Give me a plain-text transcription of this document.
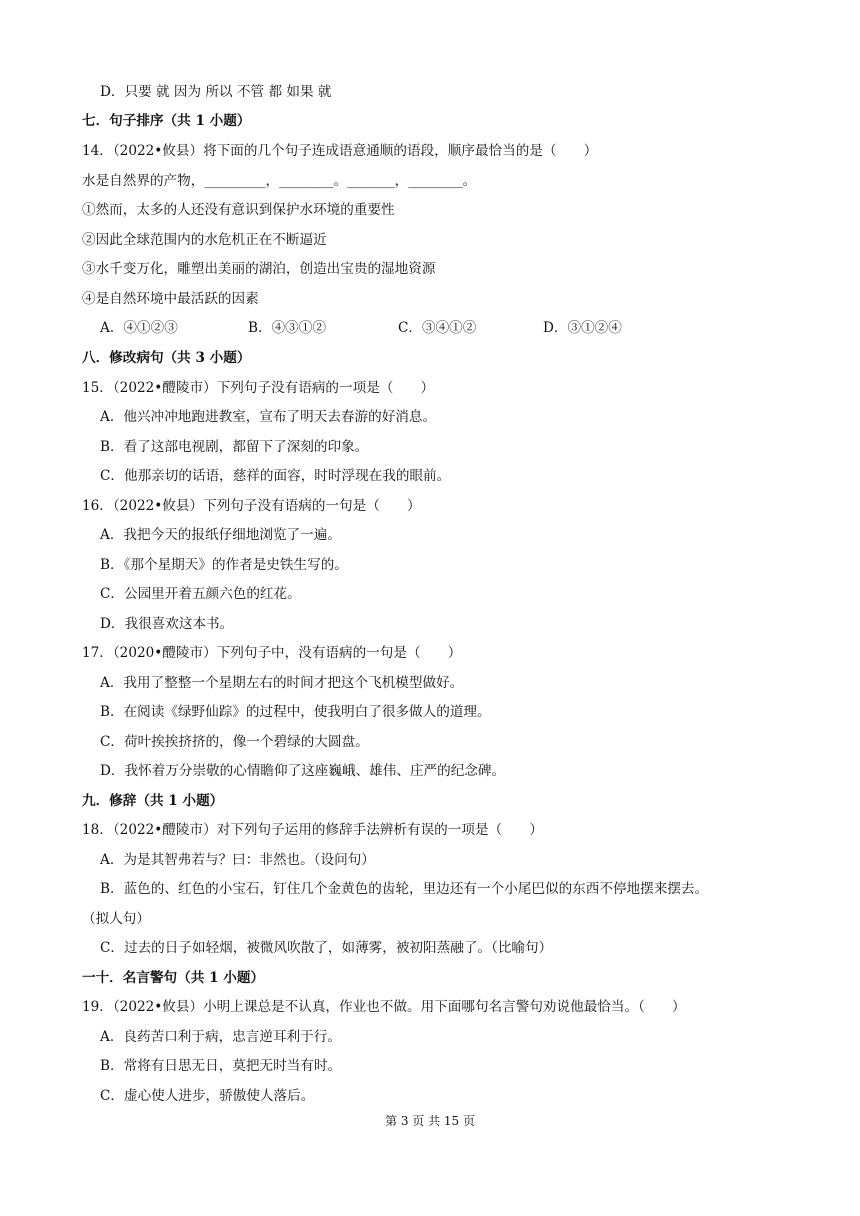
D．只要 就 因为 所以 不管 都 如果 就
七．句子排序（共 1 小题）
14．（2022•攸县）将下面的几个句子连成语意通顺的语段，顺序最恰当的是（　　）
水是自然界的产物，_________，________。_______，________。
①然而，太多的人还没有意识到保护水环境的重要性
②因此全球范围内的水危机正在不断逼近
③水千变万化，雕塑出美丽的湖泊，创造出宝贵的湿地资源
④是自然环境中最活跃的因素

A．④①②③

	B．④③①②

	C．③④①②

	D．③①②④

八．修改病句（共 3 小题）
15．（2022•醴陵市）下列句子没有语病的一项是（　　）
A．他兴冲冲地跑进教室，宣布了明天去春游的好消息。
B．看了这部电视剧，都留下了深刻的印象。
C．他那亲切的话语，慈祥的面容，时时浮现在我的眼前。
16．（2022•攸县）下列句子没有语病的一句是（　　）
A．我把今天的报纸仔细地浏览了一遍。
B．《那个星期天》的作者是史铁生写的。
C．公园里开着五颜六色的红花。
D．我很喜欢这本书。
17．（2020•醴陵市）下列句子中，没有语病的一句是（　　）
A．我用了整整一个星期左右的时间才把这个飞机模型做好。
B．在阅读《绿野仙踪》的过程中，使我明白了很多做人的道理。
C．荷叶挨挨挤挤的，像一个碧绿的大圆盘。
D．我怀着万分崇敬的心情瞻仰了这座巍峨、雄伟、庄严的纪念碑。
九．修辞（共 1 小题）
18．（2022•醴陵市）对下列句子运用的修辞手法辨析有误的一项是（　　）
A．为是其智弗若与？曰：非然也。（设问句）
B．蓝色的、红色的小宝石，钉住几个金黄色的齿轮，里边还有一个小尾巴似的东西不停地摆来摆去。
（拟人句）
C．过去的日子如轻烟，被微风吹散了，如薄雾，被初阳蒸融了。（比喻句）
一十．名言警句（共 1 小题）
19．（2022•攸县）小明上课总是不认真，作业也不做。用下面哪句名言警句劝说他最恰当。（　　）
A．良药苦口利于病，忠言逆耳利于行。
B．常将有日思无日，莫把无时当有时。
C．虚心使人进步，骄傲使人落后。
第 3 页 共 15 页
